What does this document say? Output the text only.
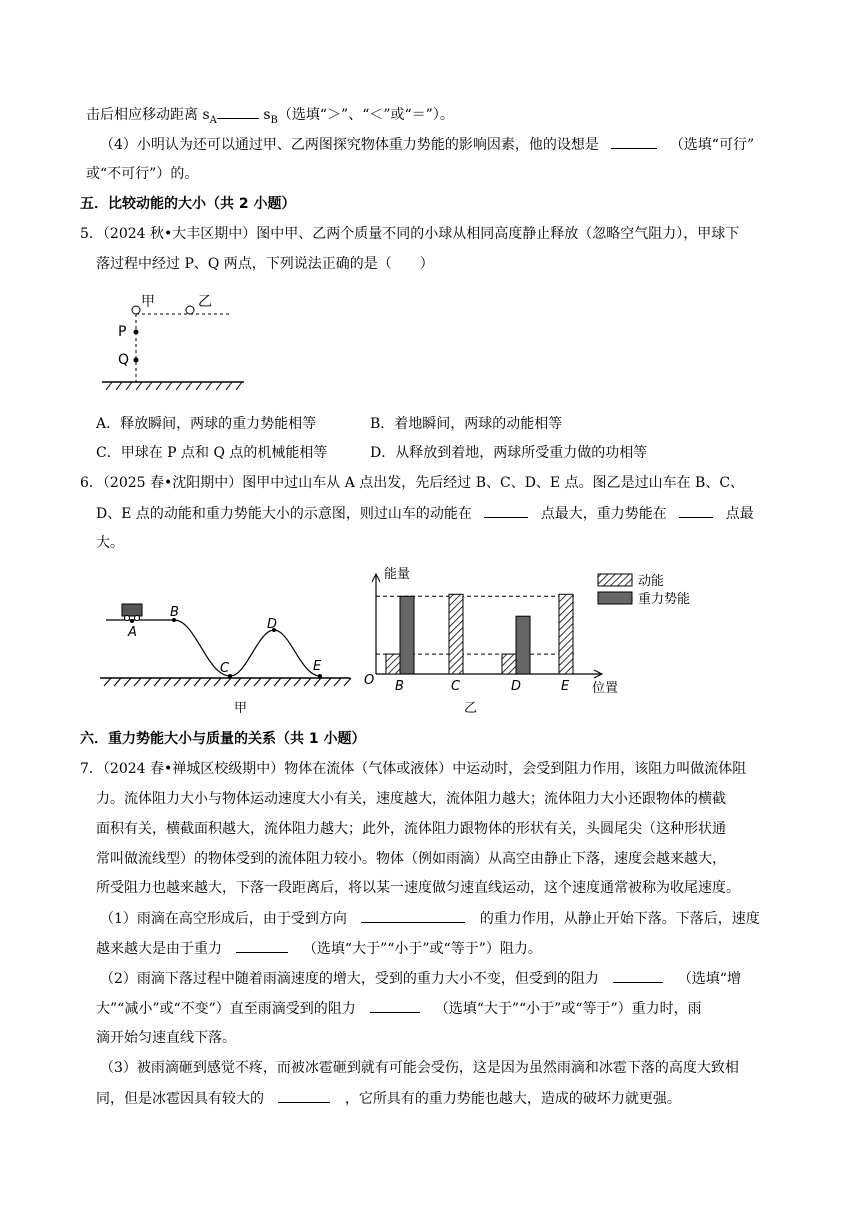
击后相应移动距离 $s_A$	$s_B$（选填“＞”、“＜”或“＝”）。
（4）小明认为还可以通过甲、乙两图探究物体重力势能的影响因素，他的设想是	（选填“可行”
或“不可行”）的。
五．比较动能的大小（共 2 小题）
5．（2024 秋•大丰区期中）图中甲、乙两个质量不同的小球从相同高度静止释放（忽略空气阻力），甲球下
落过程中经过 P、Q 两点，下列说法正确的是（　　）
甲	乙
P
Q
A．释放瞬间，两球的重力势能相等	B．着地瞬间，两球的动能相等
C．甲球在 P 点和 Q 点的机械能相等	D．从释放到着地，两球所受重力做的功相等
6．（2025 春•沈阳期中）图甲中过山车从 A 点出发，先后经过 B、C、D、E 点。图乙是过山车在 B、C、
D、E 点的动能和重力势能大小的示意图，则过山车的动能在	点最大，重力势能在	点最
大。
A
B
C
D
E
甲
能量
位置
O B	C	D	E
动能
重力势能
乙
六．重力势能大小与质量的关系（共 1 小题）
7．（2024 春•禅城区校级期中）物体在流体（气体或液体）中运动时，会受到阻力作用，该阻力叫做流体阻
力。流体阻力大小与物体运动速度大小有关，速度越大，流体阻力越大；流体阻力大小还跟物体的横截
面积有关，横截面积越大，流体阻力越大；此外，流体阻力跟物体的形状有关，头圆尾尖（这种形状通
常叫做流线型）的物体受到的流体阻力较小。物体（例如雨滴）从高空由静止下落，速度会越来越大，
所受阻力也越来越大，下落一段距离后，将以某一速度做匀速直线运动，这个速度通常被称为收尾速度。
（1）雨滴在高空形成后，由于受到方向	的重力作用，从静止开始下落。下落后，速度
越来越大是由于重力	（选填“大于”“小于”或“等于”）阻力。
（2）雨滴下落过程中随着雨滴速度的增大，受到的重力大小不变，但受到的阻力	（选填“增
大”“减小”或“不变”）直至雨滴受到的阻力	（选填“大于”“小于”或“等于”）重力时，雨
滴开始匀速直线下落。
（3）被雨滴砸到感觉不疼，而被冰雹砸到就有可能会受伤，这是因为虽然雨滴和冰雹下落的高度大致相
同，但是冰雹因具有较大的	，它所具有的重力势能也越大，造成的破坏力就更强。
